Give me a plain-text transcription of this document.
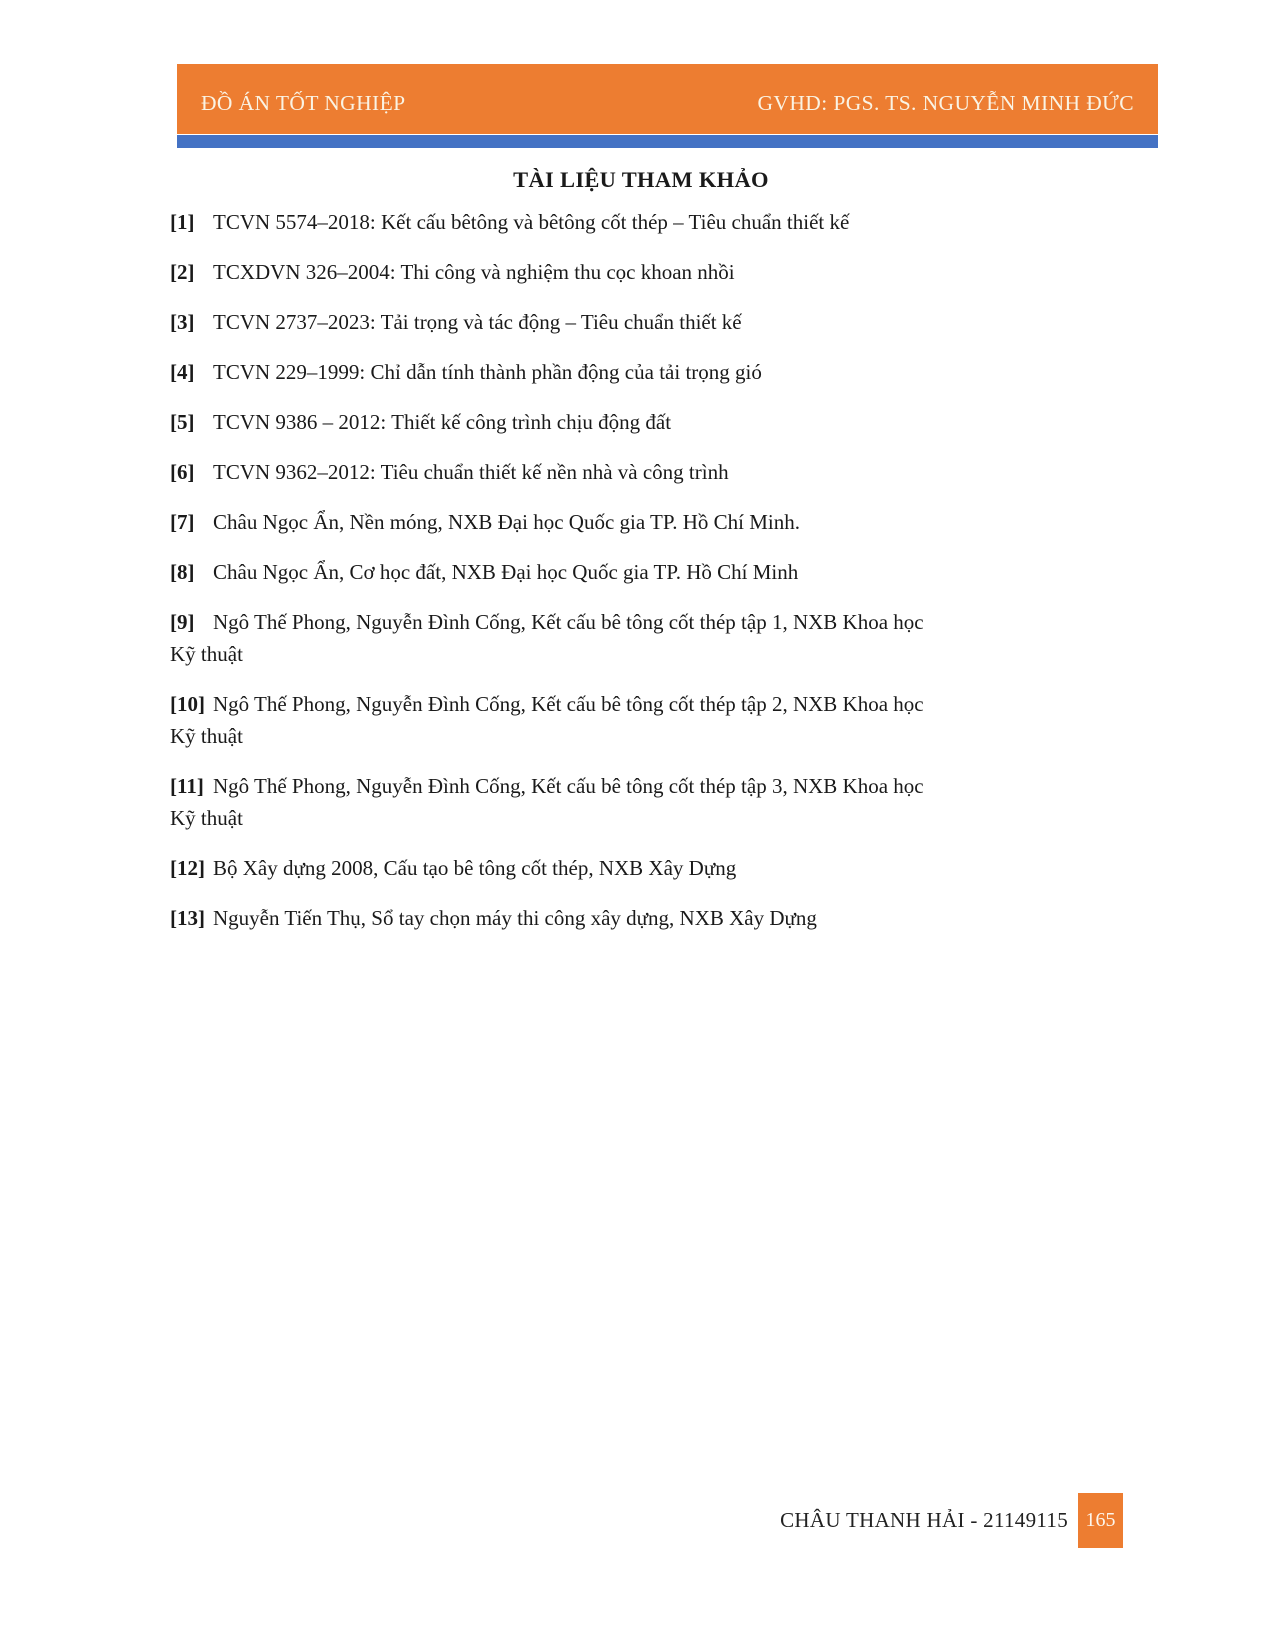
ĐỒ ÁN TỐT NGHIỆP	GVHD: PGS. TS. NGUYỄN MINH ĐỨC
TÀI LIỆU THAM KHẢO

[1] TCVN 5574–2018: Kết cấu bêtông và bêtông cốt thép – Tiêu chuẩn thiết kế

[2] TCXDVN 326–2004: Thi công và nghiệm thu cọc khoan nhồi

[3] TCVN 2737–2023: Tải trọng và tác động – Tiêu chuẩn thiết kế

[4] TCVN 229–1999: Chỉ dẫn tính thành phần động của tải trọng gió

[5] TCVN 9386 – 2012: Thiết kế công trình chịu động đất

[6] TCVN 9362–2012: Tiêu chuẩn thiết kế nền nhà và công trình

[7] Châu Ngọc Ẩn, Nền móng, NXB Đại học Quốc gia TP. Hồ Chí Minh.

[8] Châu Ngọc Ẩn, Cơ học đất, NXB Đại học Quốc gia TP. Hồ Chí Minh

[9] Ngô Thế Phong, Nguyễn Đình Cống, Kết cấu bê tông cốt thép tập 1, NXB Khoa học
Kỹ thuật

[10] Ngô Thế Phong, Nguyễn Đình Cống, Kết cấu bê tông cốt thép tập 2, NXB Khoa học
Kỹ thuật

[11] Ngô Thế Phong, Nguyễn Đình Cống, Kết cấu bê tông cốt thép tập 3, NXB Khoa học
Kỹ thuật

[12] Bộ Xây dựng 2008, Cấu tạo bê tông cốt thép, NXB Xây Dựng

[13] Nguyễn Tiến Thụ, Sổ tay chọn máy thi công xây dựng, NXB Xây Dựng

CHÂU THANH HẢI - 21149115 165
